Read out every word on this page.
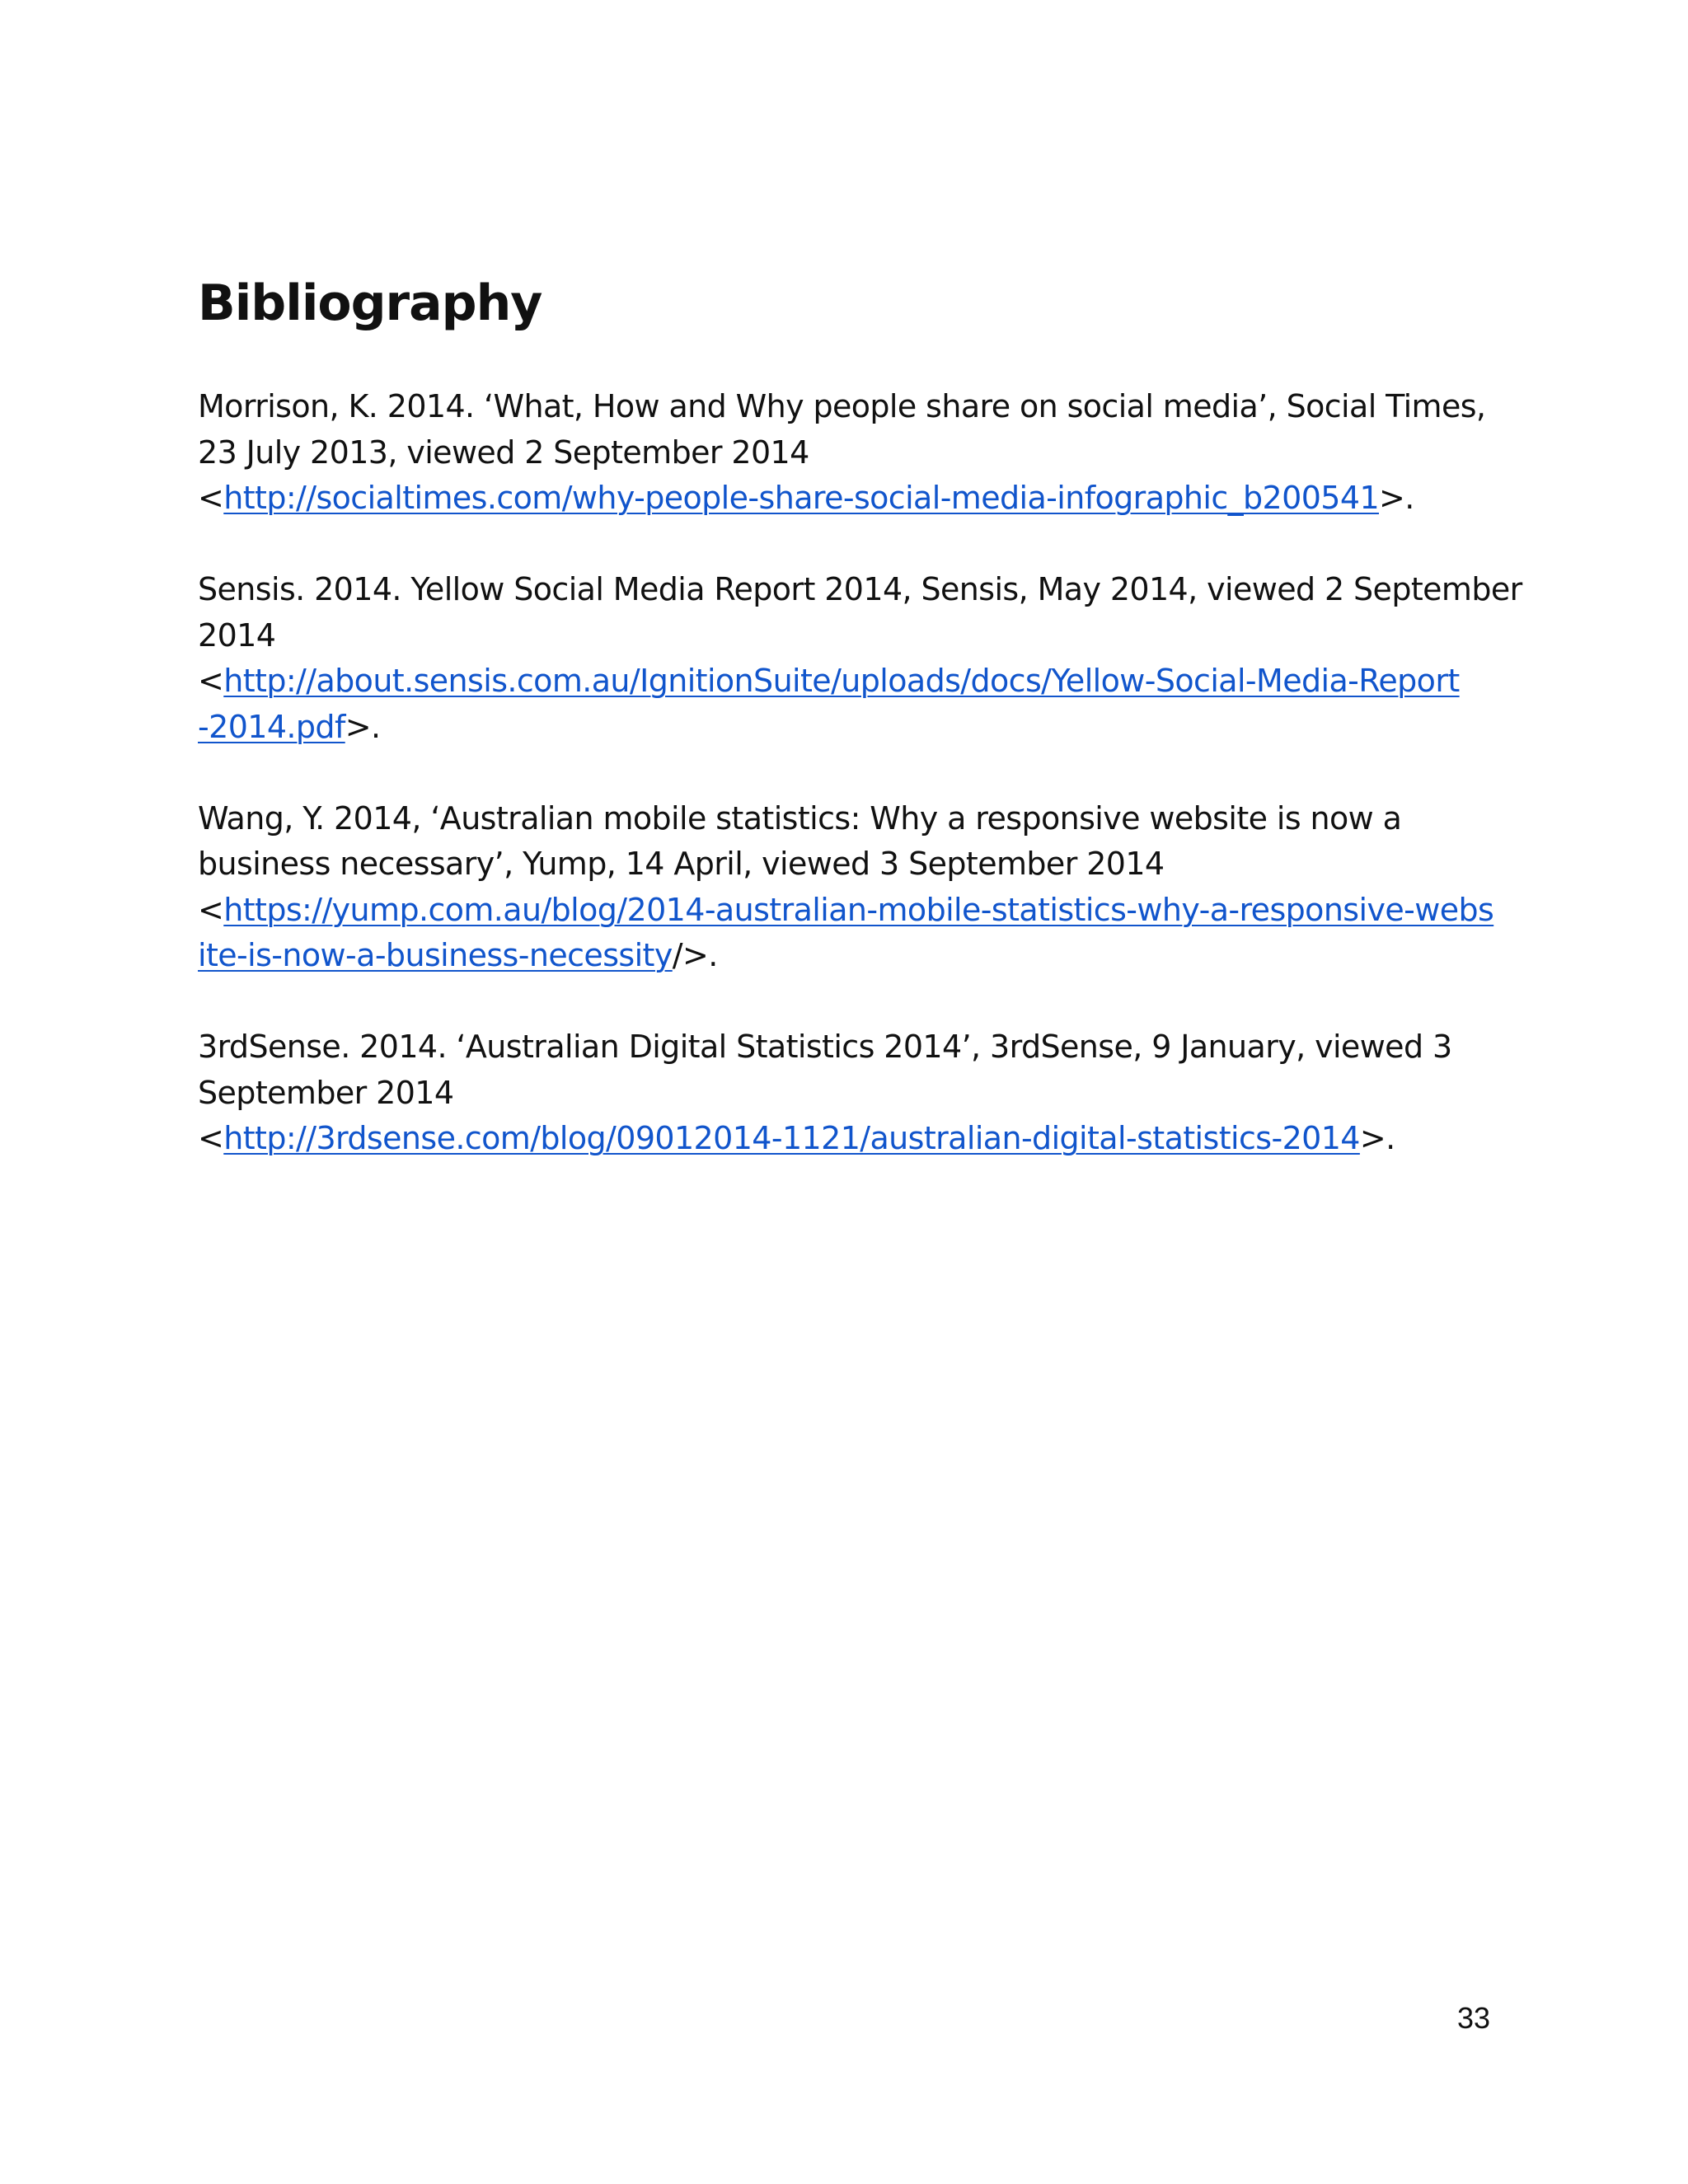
Bibliography

Morrison, K. 2014. ‘What, How and Why people share on social media’, Social Times,
23 July 2013, viewed 2 September 2014
<http://socialtimes.com/why-people-share-social-media-infographic_b200541>.

Sensis. 2014. Yellow Social Media Report 2014, Sensis, May 2014, viewed 2 September
2014
<http://about.sensis.com.au/IgnitionSuite/uploads/docs/Yellow-Social-Media-Report
-2014.pdf>.

Wang, Y. 2014, ‘Australian mobile statistics: Why a responsive website is now a
business necessary’, Yump, 14 April, viewed 3 September 2014
<https://yump.com.au/blog/2014-australian-mobile-statistics-why-a-responsive-webs
ite-is-now-a-business-necessity/>.

3rdSense. 2014. ‘Australian Digital Statistics 2014’, 3rdSense, 9 January, viewed 3
September 2014
<http://3rdsense.com/blog/09012014-1121/australian-digital-statistics-2014>.

33
